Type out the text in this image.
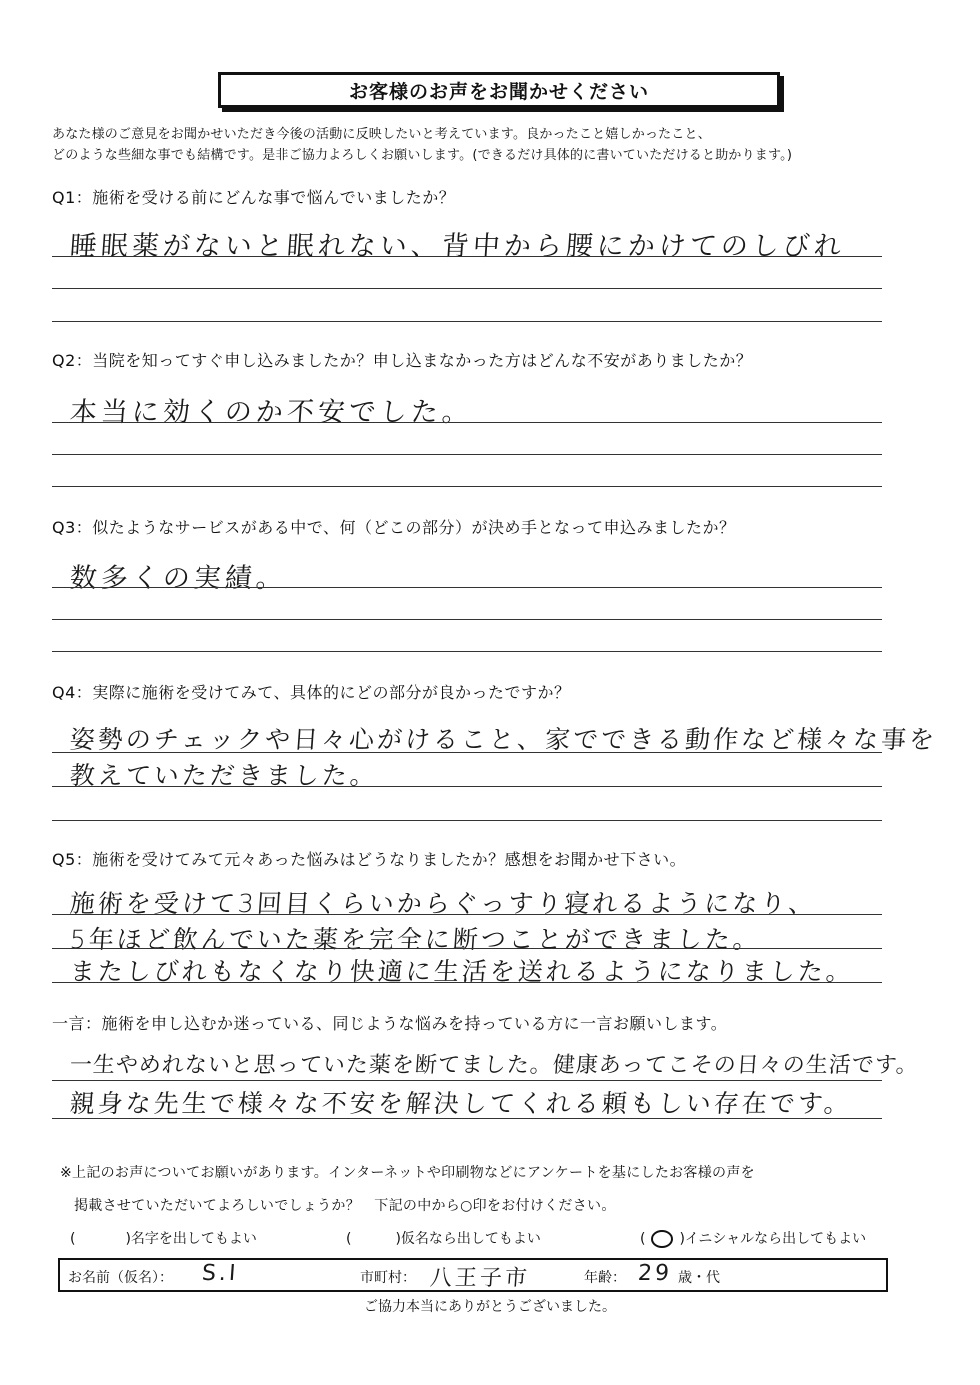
お客様のお声をお聞かせください
あなた様のご意見をお聞かせいただき今後の活動に反映したいと考えています。良かったこと嬉しかったこと、
どのような些細な事でも結構です。是非ご協力よろしくお願いします。(できるだけ具体的に書いていただけると助かります。)
Q1：施術を受ける前にどんな事で悩んでいましたか？
睡眠薬がないと眠れない、背中から腰にかけてのしびれ
Q2：当院を知ってすぐ申し込みましたか？申し込まなかった方はどんな不安がありましたか？
本当に効くのか不安でした。
Q3：似たようなサービスがある中で、何（どこの部分）が決め手となって申込みましたか？
数多くの実績。
Q4：実際に施術を受けてみて、具体的にどの部分が良かったですか？
姿勢のチェックや日々心がけること、家でできる動作など様々な事を
教えていただきました。
Q5：施術を受けてみて元々あった悩みはどうなりましたか？感想をお聞かせ下さい。
施術を受けて3回目くらいからぐっすり寝れるようになり、
5年ほど飲んでいた薬を完全に断つことができました。
またしびれもなくなり快適に生活を送れるようになりました。
一言：施術を申し込むか迷っている、同じような悩みを持っている方に一言お願いします。
一生やめれないと思っていた薬を断てました。健康あってこその日々の生活です。
親身な先生で様々な不安を解決してくれる頼もしい存在です。
※上記のお声についてお願いがあります。インターネットや印刷物などにアンケートを基にしたお客様の声を
掲載させていただいてよろしいでしょうか？　下記の中から○印をお付けください。
(	)名字を出してもよい	(	)仮名なら出してもよい	( )イニシャルなら出してもよい
お名前（仮名）： S.I	市町村： 八王子市	年齢： 29 歳・代
ご協力本当にありがとうございました。
